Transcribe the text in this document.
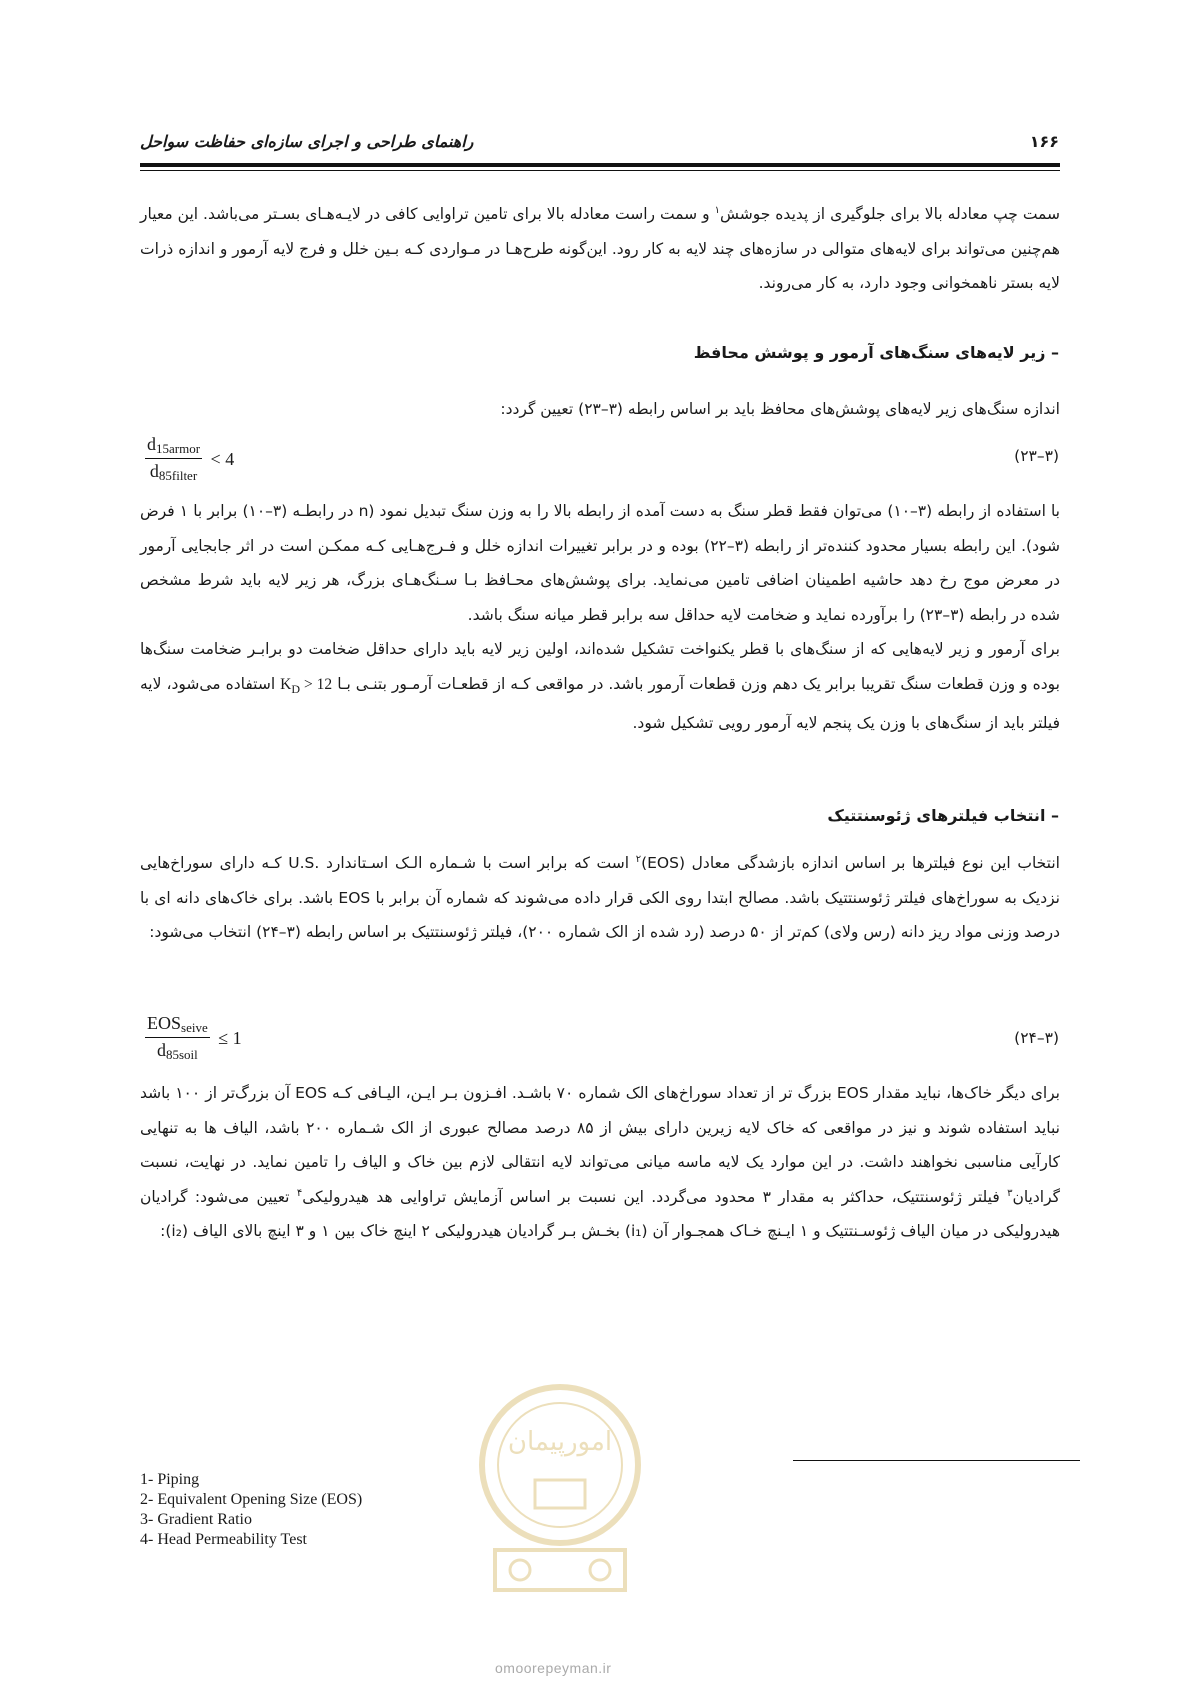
راهنمای طراحی و اجرای سازه‌ای حفاظت سواحل	۱۶۶
سمت چپ معادله بالا برای جلوگیری از پدیده جوشش$^۱$ و سمت راست معادله بالا برای تامین تراوایی کافی در لایـه‌هـای بسـتر می‌باشد. این معیار هم‌چنین می‌تواند برای لایه‌های متوالی در سازه‌های چند لایه به کار رود. این‌گونه طرح‌هـا در مـواردی کـه بـین خلل و فرج لایه آرمور و اندازه ذرات لایه بستر ناهمخوانی وجود دارد، به کار می‌روند.
– زیر لایه‌های سنگ‌های آرمور و پوشش محافظ
اندازه سنگ‌های زیر لایه‌های پوشش‌های محافظ باید بر اساس رابطه (۳–۲۳) تعیین گردد:
$\frac{d_{15armor}}{d_{85filter}} < 4$	(۳–۲۳)
با استفاده از رابطه (۳–۱۰) می‌توان فقط قطر سنگ به دست آمده از رابطه بالا را به وزن سنگ تبدیل نمود (n در رابطـه (۳–۱۰) برابر با ۱ فرض شود). این رابطه بسیار محدود کننده‌تر از رابطه (۳–۲۲) بوده و در برابر تغییرات اندازه خلل و فـرج‌هـایی کـه ممکـن است در اثر جابجایی آرمور در معرض موج رخ دهد حاشیه اطمینان اضافی تامین می‌نماید. برای پوشش‌های محـافظ بـا سـنگ‌هـای بزرگ، هر زیر لایه باید شرط مشخص شده در رابطه (۳–۲۳) را برآورده نماید و ضخامت لایه حداقل سه برابر قطر میانه سنگ باشد.
برای آرمور و زیر لایه‌هایی که از سنگ‌های با قطر یکنواخت تشکیل شده‌اند، اولین زیر لایه باید دارای حداقل ضخامت دو برابـر ضخامت سنگ‌ها بوده و وزن قطعات سنگ تقریبا برابر یک دهم وزن قطعات آرمور باشد. در مواقعی کـه از قطعـات آرمـور بتنـی بـا $K_D > 12$ استفاده می‌شود، لایه فیلتر باید از سنگ‌های با وزن یک پنجم لایه آرمور رویی تشکیل شود.
– انتخاب فیلترهای ژئوسنتتیک
انتخاب این نوع فیلترها بر اساس اندازه بازشدگی معادل (EOS)$^۲$ است که برابر است با شـماره الـک اسـتاندارد .U.S کـه دارای سوراخ‌هایی نزدیک به سوراخ‌های فیلتر ژئوسنتتیک باشد. مصالح ابتدا روی الکی قرار داده می‌شوند که شماره آن برابر با EOS باشد. برای خاک‌های دانه ای با درصد وزنی مواد ریز دانه (رس ولای) کم‌تر از ۵۰ درصد (رد شده از الک شماره ۲۰۰)، فیلتر ژئوسنتتیک بر اساس رابطه (۳–۲۴) انتخاب می‌شود:
$\frac{EOS_{seive}}{d_{85soil}} \le 1$	(۳–۲۴)
برای دیگر خاک‌ها، نباید مقدار EOS بزرگ تر از تعداد سوراخ‌های الک شماره ۷۰ باشـد. افـزون بـر ایـن، الیـافی کـه EOS آن بزرگ‌تر از ۱۰۰ باشد نباید استفاده شوند و نیز در مواقعی که خاک لایه زیرین دارای بیش از ۸۵ درصد مصالح عبوری از الک شـماره ۲۰۰ باشد، الیاف ها به تنهایی کارآیی مناسبی نخواهند داشت. در این موارد یک لایه ماسه میانی می‌تواند لایه انتقالی لازم بین خاک و الیاف را تامین نماید. در نهایت، نسبت گرادیان$^۳$ فیلتر ژئوسنتتیک، حداکثر به مقدار ۳ محدود می‌گردد. این نسبت بر اساس آزمایش تراوایی هد هیدرولیکی$^۴$ تعیین می‌شود: گرادیان هیدرولیکی در میان الیاف ژئوسـنتتیک و ۱ ایـنچ خـاک همجـوار آن (i₁) بخـش بـر گرادیان هیدرولیکی ۲ اینچ خاک بین ۱ و ۳ اینچ بالای الیاف (i₂):
امورپیمان
1- Piping
2- Equivalent Opening Size (EOS)
3- Gradient Ratio
4- Head Permeability Test
omoorepeyman.ir
